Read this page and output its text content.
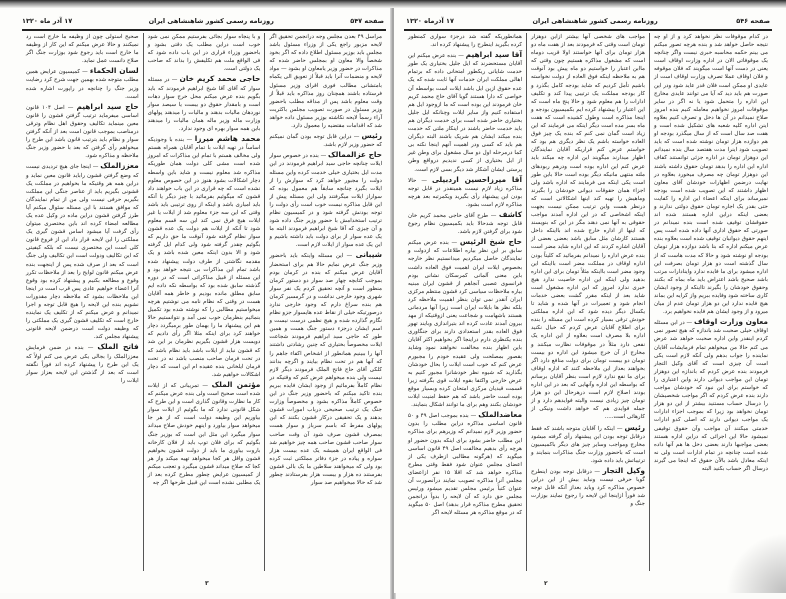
صفحه ۵۴۷
روزنامه رسمی کشور شاهنشاهی ایران
۱۷ آذر ماه ۱۳۲۰

مراسل ۴۹ بعدن مجلس وجه درانجمن تحقیق اگر لایحه مزبور راجع یکی از وزراء مسئول باشد مجلس باید بوزیر مسئول اطلاع داده که اگر بخود شخصاً والا معاون او بمجلس حاضر شده که مذاکرات در حضور وزیر یامعاون او بشود — مواد لایحه و منضمات آنرا باید قبلاً از تعویق الی یکماه بامتشانی مطالب فوری اقرای وزیر مسئول فرستاده باشند همچنان روز مذاکره باید قبلاً از وقت معلوم باشد پس از مداقه مطلب باحضور وزیر مسئول در صورت تصویب مجلس باکثریت آراء رسماً لایحه نکاشته بوزیر مسئول داده خواهد شد که اقدامات مقتضیه را معمول دارد.

رئیس — دراین قابل توجه بودن گمان نمیکنم که حضور وزیر لازم باشد.

حاج عزالممالک — بنده در خصوص سوار ایلات چنانچه حاجی سید ابراهیم فرمودند در این مدت ایل بختیاری خیلی خدمت کرده واین مسئله دولت را مجبور خواهد کرد که سوارش را از ایلات بگیرد چنانچه سابقاً هم معمول بوده که سواراز ایلات میگرفتند ولی این مسئله پیش از این قابل مذاکره نیست خوب است رأی دولت را توجه بودنش گرفته شود و در کمیسیون نظام ترتیب استخدامش با حضور وزیر جنگ داده شود و آن چیزی که آقا شیخ ابراهیم فرمودند البته ما یک عده سوار از برای دولت باید داشته باشیم و این یک عده سوار از ایلات لازم است.

شیبانی — این مسئله واینکه باید باحضور وزیر جنگ عرض نمایم حالا هم برای استحضار آقایان عرض میکنم که بنده در کرمان بودم بموجب کتابچه چهار صد سوار دو دستور کرمان منظور است و آنچه تحقیق کردم یک نفر سوار شهری وجود خارجی نداشت و در گرمسیر کرمان هم بنده سراغ دارم که وجود خارجی ندارد درصورتیکه خیلی از نقاط عده هایسوار جزو نظام نگارم گذارده شده و هیچ نظمی درست نیست و اسم ایشان درجزء دستور جنگ هست و همین طور که حاجی سید ابراهیم فرمودند شجاعت ایلات مخصوصاً بختیاری که چنین رشادتی داشتند آنها را ببینیم همانطور از اشخاص اکفاء جاهم را که آنها هم در تحت نظام بیایند و اگرچه بدانند کلکی آقای حاج فاتح الملک فرمودند دیگر لازم نیست ولی بنده میخواهم عرض کنم که وقتیکه در نظام کاملاً بفرمائیم از وجود ایشان فایده ببریم بنده تاکید میکنم که باحضور وزیر جنگ در این خصوص کاملاً مذاکره بشود و مخصوصاً وزارت جنگ یک ترتیب صحیحی درباب امورات قشون بدهند و یک تحقیقی درکار قشون بکنند که این پولهای مفرط که باسم سرباز و سوار هست بمصرف قشون صرف شود آن وقت صاحب سوار صاحب قشون صاحب همه چیز خواهیم شد فی الواقع ایران همیشه یک عده بیست هزار سواره و پیاده در جزء دفاتر مملکتی ثبت کرده بود ولی که میخواهند سلاطین ما یک بالی قشون بفرستند ده هزار و بیست هزار بفرستادند چطور شد که حالا میخواهیم صد سوار

و با پنجاه سوار بجائی بفرستیم ممکن نمی شود خوب است دراین مطلب یک دقتی بشود و باحضور وزراء قراری در این باب داده شود که فی الواقع ملت هم تکلیفش را بداند که صاحب یک دولتی است.

حاجی محمد کریم خان — در مسئله سوار که آقای آقا شیخ ابراهیم فرمودند که باید بگویم بنده عرض میکنم محل خرج سوار دهات است و بامقدار حقوق دو بیست یا سیصد سوار نوردهان مالیات بدهند و مالیات را میدهند پولهای وزارت ماله وزیر ماله همان مالیات را میدهند باین همه سوار بهره ای وجود ندارد.

محمد هاشم میرزا — بنده با وجودیکه اساساً در تهیه ایلات با تمام آقایان همراه هستم ولی مخالف هستم با تمام این مذاکرات که امروز شده است مشی کلی دولت همان طوریکه مذاکره شد معلوم نیست و شاید باین واسطه دچار اشکالات بشود هنوز در این خصوص معلوم نشده است که چه قراری در این باب خواهند داد قشون که میگوئیم بفرمائید با چیز دیگر یا آنکه باید امیاری باشد و اینکه از روی ترتیبی باید باشد وقتی که این سه جزء معلوم شد از ایلات یا غیر ایلات هیچ فرق نمی کند این سه قسم معلوم شود تا آنکه از ایلات هم دولت یک عده قشون سوار نظام گرفته شود آنوقت ما حق داریم که بگوئیم چقدر گرفته شود ولی کدام ایل گرفته شود و الا بدون اینکه معین شده باشد و یک مقدمه نگاشتی از طرف دولت پیشنهاد شده باشد تمام این مذاکرات بی نتیجه خواهد بود و این مسئله از قبیل مذاکراتی است که در دوره گذشته سابق شده بود که بواسطه نکه داده ایم سابق مطلق مانده بودیم و خاطر همه آقایان هست در وقتی که نظام نامه می نوشتیم هرچه میخواستیم مطالبی را که نوشته شده بود تکمیل بنمائیم بنظرمان خوب نمی آمد و نتوانستیم حالا هم این پیشنهاد ما را بهمان طور برمیگردد دچار خواهند کرد برای اینکه مثلا اگر رأی دادیم که دویست هزار قشون بگیریم نظرمان بر این شد که قشون نباید از ایلات باشد باید نظام باشد که در تحت فرمان صاحب منصب باشد نه در تحت فرمان ایلخانی بنده عقیده ام این است که دچار اشکالات خواهیم شد.

مؤتمن الملک — تمریبانی که از ایلات شده است صحیح است ولی بنده عرض میکنم که کار ما نظارت وقانون گذاری است و این طرح که شکل قانونی ندارد که ما بگوئیم از ایلات سوار بیاوریم این وظیفه دولت است که از هر جا میخواهد سوار بیاورد و اینهم خودش صلاح میداند سوار میگیرد این مثل این است که بوزیر جنگ بگوئیم که برای فلان توپ باید از فلان کارخانه باروت بیاوری ما باید از دولت قشون بخواهیم قشون واقل هر کجا میخواهد تهیه میکند واز هر کجا که صلاح میداند قشون میگیرد و تعجب میکنم از کمیسیون عرایض چطور مطرح کرده بعد از یک مطلبی نشده است این قبیل طرحها اگر چه

صحیح استولی چون از وظیفه ما خارج است رد نمیکنند و حالا عرض میکنم که این کار از وظیفه ما خارج است باید رجوع شود بوزارت جنگ اگر صلاح دانست عمل نماید.

لسان الحکماء — کمیسیون عرایض همین مطلب متوجه شده بهمین جهت شرح کرد رضایت وزیر جنگ را چنانچه در راپورت اشاره شده است.

حاج سید ابراهیم — اصل ۱۰۴ قانون اساسی میفرماید ترتیب گرفتن قشون را قانون معین مینماید تکالیف وحقوق اهل نظام وترقی درمناصب بموجب قانون است بعد از آنکه گرفتن سوار و نظام باید بترتیب قانون باشد این طرح را میخواهم رأی گرفتن که بعد با حضور وزیر جنگ ملاحظه و مذاکره شود.

معززالملک — اینجا جای هیچ تردیدی نیست که وضع گرفتن قشون راباید قانون معین نماید و دراین همه هر وقتیکه ما بخواهیم در مملکت یک قشونی بگیریم باید از عناصر جنگی این مملکت بگیریم حرفی نیست ولی من از تمام نمایندگان که موافق هستند با این مسئله سئوال میکنم آیا طرز گرفتن قشون دراین ماده در وکیل عده یک مطالعه امضاء کرده اند باین مختصری میتوان رأی گرفت آیا میشود اساس قشون گیری یک مملکتی را این لایحه قرار داد این از فروع قانون کلی است این مختصری نیست که بلکه کیفیتی که این تکالیف ودولت است این تکالیف ولی جنگ است که بعد از صرف شده پس از اینجهت بنده عرض میکنم قانون لوایح را بعد از ملاحظات تکرر وقوع و مطالعه بکنیم و پیشنهاد کرده بود وقوع آنرا اعضاء خواهیم عادی پس قرب است در اینجا این ملاحظات بشود که ملاحظه دچار مقدورات نشویم بنده این لایحه را هیچ قابل توجه و اجرا نمیدانم و عرض میکنم که از تکلیف یک نماینده خارج است که تکلیف قشون گیری یک مملکتی را که وظیفه دولت است درضمن لایحه قانونی پیشنهاد مجلس کند.

فاتح الملک — بنده در ضمن فرمایش معززالملک را بجالی یکی عرض می کنم اولاً که یک این طرح را پیشنهاد کرده اند فوراً نگفته است که بعد از گذشتن این لایحه بعزاز سوار ایلات را

۳
صفحه ۵۴۶
روزنامه رسمی کشور شاهنشاهی ایران
۱۷ آذرماه ۱۳۲۰

در کدام موقوفات نظر نخواهد کرد و از او چه نتیجه حاصل خواهد شد و بنده هرچه تصور میکنم می بینم حکمه محاسبه خبری نیست واگر چنانچه یک موقوفاتی الان در اداره وزارت اوقاف است یعنی در دست آنها است میگویند که فلان موقوفه و فلان اوقاف عملا تصرف وزارت اوقاف است از عایدی او ممکن است فلان قدر عاید شود ودر این صورت هم باید دید که آیا می توانند عایدی مخارج این اداره را متحمل شود یا نه اگر در سایر موقوفات امروز نخواهیم معامله کنیم بنده امروز صلاح نمیدانم در آن ها دخل و تصرف کنیم بعلاوه اینن اداره کلیه شعبه های تشکیل شده است و هفت صد سال است که از سال میگذرد بودجه او هم دوازده هزار تومان نوشته شده است که باید تصویب شود اینرا مدت هفتصد سال بنده نمیدانم این دوهزار تومان در اداره جزئی توانستند کفاف اداره این اداره را بدهد تومان حقوق داشته باشند این دوهزار تومان چه مصرف میخورد بعلاوه در نهایت درضمن اظهارات خودشان آقای معاون اظهار داشتند که این تصویب شده است بودجه نمیرساند برای اینکه اعضاء این اداره را کفایت حتی بقدر یک اجاره تومان حقوق دولتی ندارند و بعضی اینکه دراین اداره هستند شده اند حقوقشان توقیف شده است بنده نمیدانم در صورتی که حقوق اداری آنها داده شده است پس اینهم حقوق دیوانیان توقیف شده است بعلاوه بنده عرض میکنم اداره که بنا باشد دوازده هزار تومان بودجه او نوشته شود و حالا که مدت هاست که از سال گذشته است دو هزار تومان بصرفت این اداره میشود برای ما فایده ندارد واینادارات مرتب باشد صحیح باشد اعتراض باید ماه بماه که بکنند وحقوق خودشان را بگیرند تااینکه از وجود ایشان کاری ساخته شود وفایده ببریم واز کرایه این بماند هیچ فایده ندارد این دو هزار تومان عدم از میان میرود و از وجود ایشان هم فایده نخواهیم برد.

معاون وزارت اوقاف — در این مسئله اوقاف خیلی صحبت شد باندازه که هیچ تصور نمی کردم اینقدر واین اداره صحبت خواهد شد عرض می کنم حالا من میخواهم تمام فرمایشات آقایان نماینده را جواب بدهم ولی آنکه لازم است یکی است آن چیزی است که آقای وکیل التجار فرمودند بنده عرض کردم که باندازه این دوهزار تومان این مواجب دیوانی دارند واین اعتباری را که خواستم برای این نبود که خودشان مواجب دارند بنده عرض کردم که اگر مواجب شخصیشان را درسال حساب مستنید بیشتر از این دو هزار تومان نخواهد بود زیرا که بموجب اجزاء ادارات یک مواجب دیوانی دارند که اصلی کدو ادارات خدمتی میکنند آن مواجب وآن حقوق توقیفی نمیشود حالا این اجرائی که دراین اداره هستند بعضی مواجبها دارند بعضی دخل ها هم آنها داده شده است چنانچه در تمام ادارات است ولی نه اینکه معادل باشد بالآن حقوق که اینجا می گیرند درسال اگر حساب بکنید البته

مواجب های شخصی آنها بیشتر ازاین دوهزار تومان است وقتی که فرمودند بعد از هفت ماه دو هزار تومان برای آنها خواستند اولا قریب دوماه است که مشغول مذاکره هستیم چون وقتی که ماابن اعتبار را خواستیم دو ماه پیش بود آنوقت هم به ملاحظه اینکه فوق العاده از دولت نخواسته باشیم تأمل کردیم که شاید بودجه کامل بگذرد و کار بودجه مملکت یک ترتیبی پیدا کند و تکلیف ادارات را هم معلوم شود و حالا پنج ماه است که این اعتبار را پیشنهاد کرده ایم بکمیسیون بودجه و اینجا مذاکره است وطول کشیده است که هفت ماه بسر مده است دیگر اینکه می فرمایند که این زیاد است گمان نمی کنم که بنده یک چیز فوق العاده خواسته باشم یک نظر دیگری هم بود که خواستم عرض کنم قراریکه آقایان نمایندگان اظهار میدارند میگویند این اداره چه میکند باید عرض کنم این اداره بوده است ودرهم ربودهای ملته منتهی مانیکه دیگر بوده است حالا باین طور است یکی اینکه می فرمایند که اداره باشد ولی اجزاء همان حقوقات دیوانی خودشان را بگیرند وماهیش را تهیه کند اینها اشکالاتی است که درنظر هست واین ترتیب ممکن نیست بجهت اینکه اشخاصی که در این اداره آمدند مواجب حقوقی به آنها نمی دهند مگر در این که بنویسند که اینها از اداره خارج شده اند بااینکه داخل هستند کارشان مثل سابق باشد بعضی بعضی از آقایان اشاره کردند که این اداره شاید مضر است بنده عرض اداره را نمیدانم بفرمائید که کلیتاً بودن اداره اوقاف در مملکت مضر است بااینکه این وجود مضر است بااینکه مثلاً تومان برای این اداره بدهید ولی اینکه این اداره خاصیت ندارد هیچ خبری ندارد امروز که این اداره مشغول است شاید بعد از اینکه مقرر گشت بعضی خدمات انجام شود و تعمیرات در آنها شده و شاید تا یکسال دیگر دیده شود که این اداره مملکتی خودش ترقی بسیار کرده است این مسئله را بنده برای اطلاع آقایان عرض کردم که خیال نکنید اداره بلا مصرف است بعلاوه از این اداره یک نفعی دارد مثلاً در موقوفات نظارت میکنند و مخارج از آن خرج میشود این اداره دو بیست تومان دو بیست تومان برای دولت منافع دارد اگر بخواهند بعداز این ملاحظه کنند که اداره اوقاف برای ما نفع ندارد لازم است بنظر آقایان برسانم که بواسطه این اداره وآنهایی که بعد در این اداره بودند اصلاح لازم است درهرحال این دو هزار تومان چیز زیادی نیست والبته فوایدهم دارد و از جمله فوایدی هم که خواهد داشت ونیکی از کارهائی است.....

رئیس — اینکه را آقایان متوجه باشند که فقط درقابل توجه بودن این پیشنهاد رأی گرفته میشود مخارج ومواجب وسایر چیز های دیگر باکمیسیون است که باحضور وزارت جنگ مذاکرات بنمایند و ترتیباتش باید داده شود.

وکیل التجار — درقابل توجه بودن اینطرح گویا حرفی نیست ونباید بیش از این دراین خصوص مذاکره کرد وباید بعداز آنکه قابل توجه شد فوراً ازاینجا این لایحه را رجوع نمایند بوزارت جنگ و

همانطوریکه گفته شد درجزء سواری کمنظور کرده بگیرید اینطرح را پیشنهاد کرده اند.

آقا سید ابراهیم — بنده عرض میکنم این آقایان مستحضرند که ایل جلیل بختیاری یک طور خدمت شایانی ریکطور امتحانی داده که برتمام اهالی مملکت ایران خدمات آنها ثابت شده که یک عده حقوق ازین ایل باشد ایلات است بواسطه آن خواصی که دارا هستند گویا آقای حاج محمد کریم خان فرمودند این بوده است که ما ازوجود ایل هم استفاده کنیم واز سایر ایلات وچنانکه ایل جلیل بختیاری حاضر شده است برای خدمت دیگران هم باید خدمت حاضر باشند در اینکار ملتی که خدمت بنده میکند ایشان هم شریک باشند البته دیگران هم باید که کسی ودر اهمیت آنهم اینجا نکته بی کما درمرحله اول دو سال مشغول برای وطن غیر از ایل بختیاری از کسی ندیدیم درواقع وطن پرستی ایشان آشکار شد دیگر بسی لازم است.

آقا میرزاحسین اردبیلی — حالا مذاکره زیاد لازم نیست همینقدر در قابل توجه بودن این پیشنهاد رأی بگیرید ویکمرتبه بعد هرچه مذاکره لازم است بشود.

کاشف — طرح آقای حاجی محمد کریم خان قابل توجه شدحالا باید بکمیسیون نظام رجوع شود برای گرفتن لازم باشد.

حاج شیخ الرئیس — بنده عرض میکنم سابق بر این نظر بیاره اطلاعات که ازدولت و نمایندگان حاصل میکردیم میدانستیم نظر خارجه بخصوص ایلات ایران اهمیت فوق العاده داشت باین معنی آلمانی کمرسکان نشانی بودم فرانسوی عصبی آنجاهم از قشون ایران مبنیه بیاره ملاحظات سیاسی کرد قشون منتظم مرکزی ایران آنقدر نمی توان بنظر اهمیت ملاحظه کرد بلکه نظر ها بایلات ایران است زیرا آنها مردمانی هستند باشهامت و شجاعت یعنی ازوقتیکه از مهد بیرون آمدند عادت کرده اند بتیراندازی وبایند تهور فوق العاده بقدر استعدادی دارند برای جنگاوری بنده یکنظری دارم دراینجا اگر بخواهیم اکثر آقایان باین اظهار بنده مخالفت نخواهند نمود وشاید بقصور بمصلحت ولی عقیده خودم را مجبورم عرض کنم که خوب است ایلات را بحال خودشان بگذارید که شیوه نظر خودشانرا مجبور کنیم به عرض خارجی واکتفا بقوه ایلات قوی بگرفته زیرا قسمت قیدیان مرکزی امتحان کرده وبسیار موقع بوده است حاضر باشد که هم حفظ امنیت ایلات خودشان بکنند وهم برای ما توانند اشکال بنمایند.

معاضدالملک — بنده بموجب اصل ۴۹ و ۵۰ قانون اساسی مذاکره دراین مطلب را بدون حضور وزیر لازم نمیدانم که وزیرهم برای مذاکره این مطلب حاضر بشود برای اینکه بدون حضور او هرچه رأی بدهیم مخالفت اصل ۴۹ قانون اساسی میگوید که (هرگونه مطالبی ازطرف یکی از اعضای مجلس عنوان شود فقط وقتی مطرح مذاکره خواهد شد که اقلا ۱۵ نفر ازاعضای مجلس آنرا مذاکره تصویب نمایند درآنصورت آن عنوان کتباً برئیس مجلس تقدیم میشود ورئیس مجلس حق دارد که آن لایحه را بدواً درانجمن تحقیق مطرح مذاکره قرار بدهد) اصل ۵۰ میگوید که در موقع مذاکره هر مسئله لایحه اگر

۲
